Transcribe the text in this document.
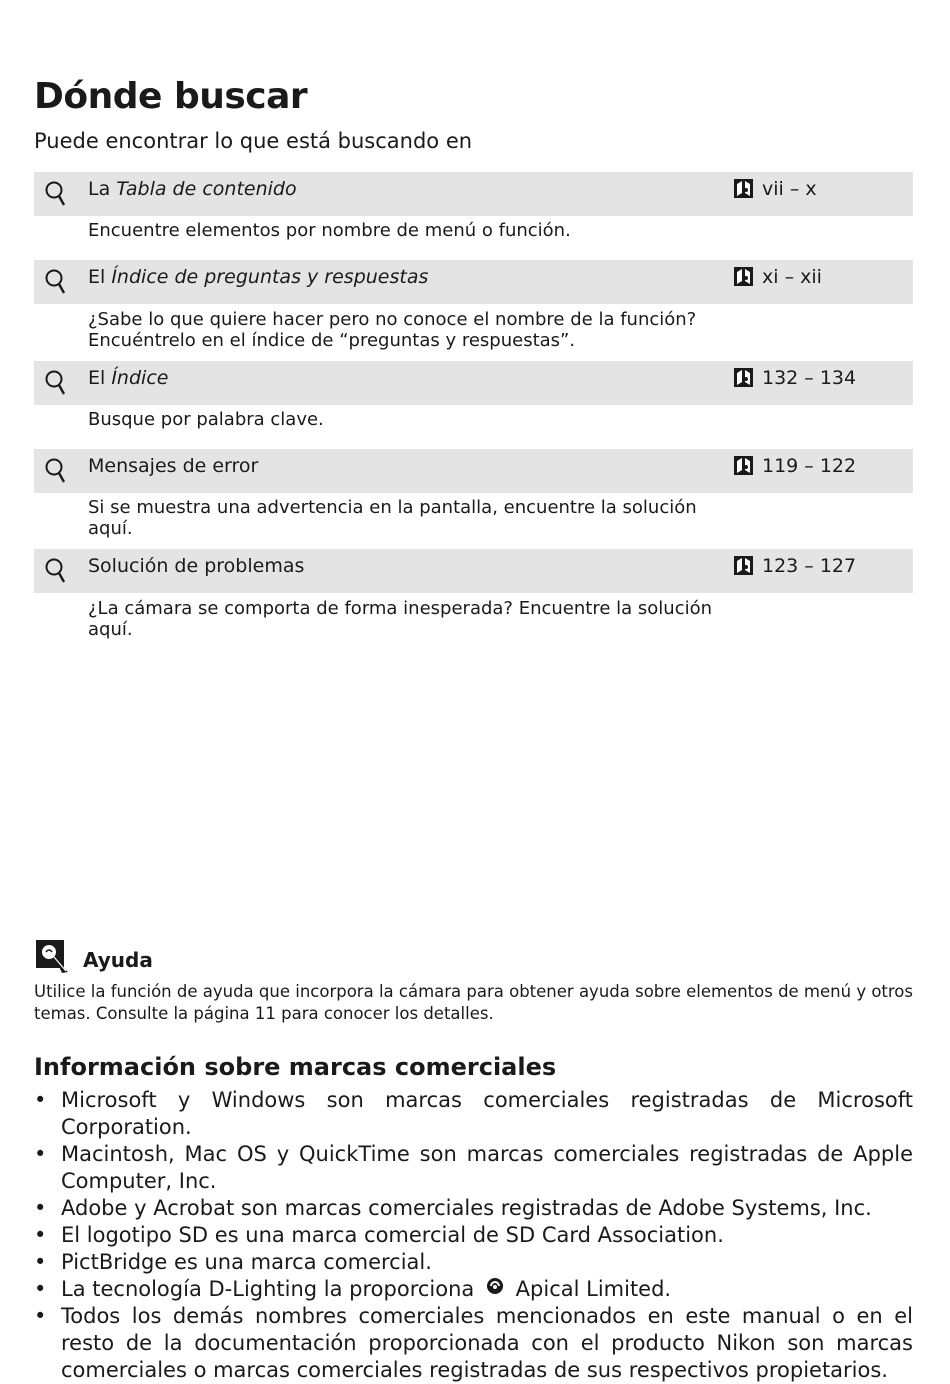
Dónde buscar

Puede encontrar lo que está buscando en

La Tabla de contenido	vii – x

Encuentre elementos por nombre de menú o función.

El Índice de preguntas y respuestas	xi – xii

¿Sabe lo que quiere hacer pero no conoce el nombre de la función? Encuéntrelo en el índice de “preguntas y respuestas”.

El Índice	132 – 134

Busque por palabra clave.

Mensajes de error	119 – 122

Si se muestra una advertencia en la pantalla, encuentre la solución aquí.

Solución de problemas	123 – 127

¿La cámara se comporta de forma inesperada? Encuentre la solución aquí.

Ayuda

Utilice la función de ayuda que incorpora la cámara para obtener ayuda sobre elementos de menú y otros temas. Consulte la página 11 para conocer los detalles.

Información sobre marcas comerciales
• Microsoft y Windows son marcas comerciales registradas de Microsoft Corporation.
• Macintosh, Mac OS y QuickTime son marcas comerciales registradas de Apple Computer, Inc.
• Adobe y Acrobat son marcas comerciales registradas de Adobe Systems, Inc.
• El logotipo SD es una marca comercial de SD Card Association.
• PictBridge es una marca comercial.
• La tecnología D-Lighting la proporciona Apical Limited.
• Todos los demás nombres comerciales mencionados en este manual o en el resto de la documentación proporcionada con el producto Nikon son marcas comerciales o marcas comerciales registradas de sus respectivos propietarios.
